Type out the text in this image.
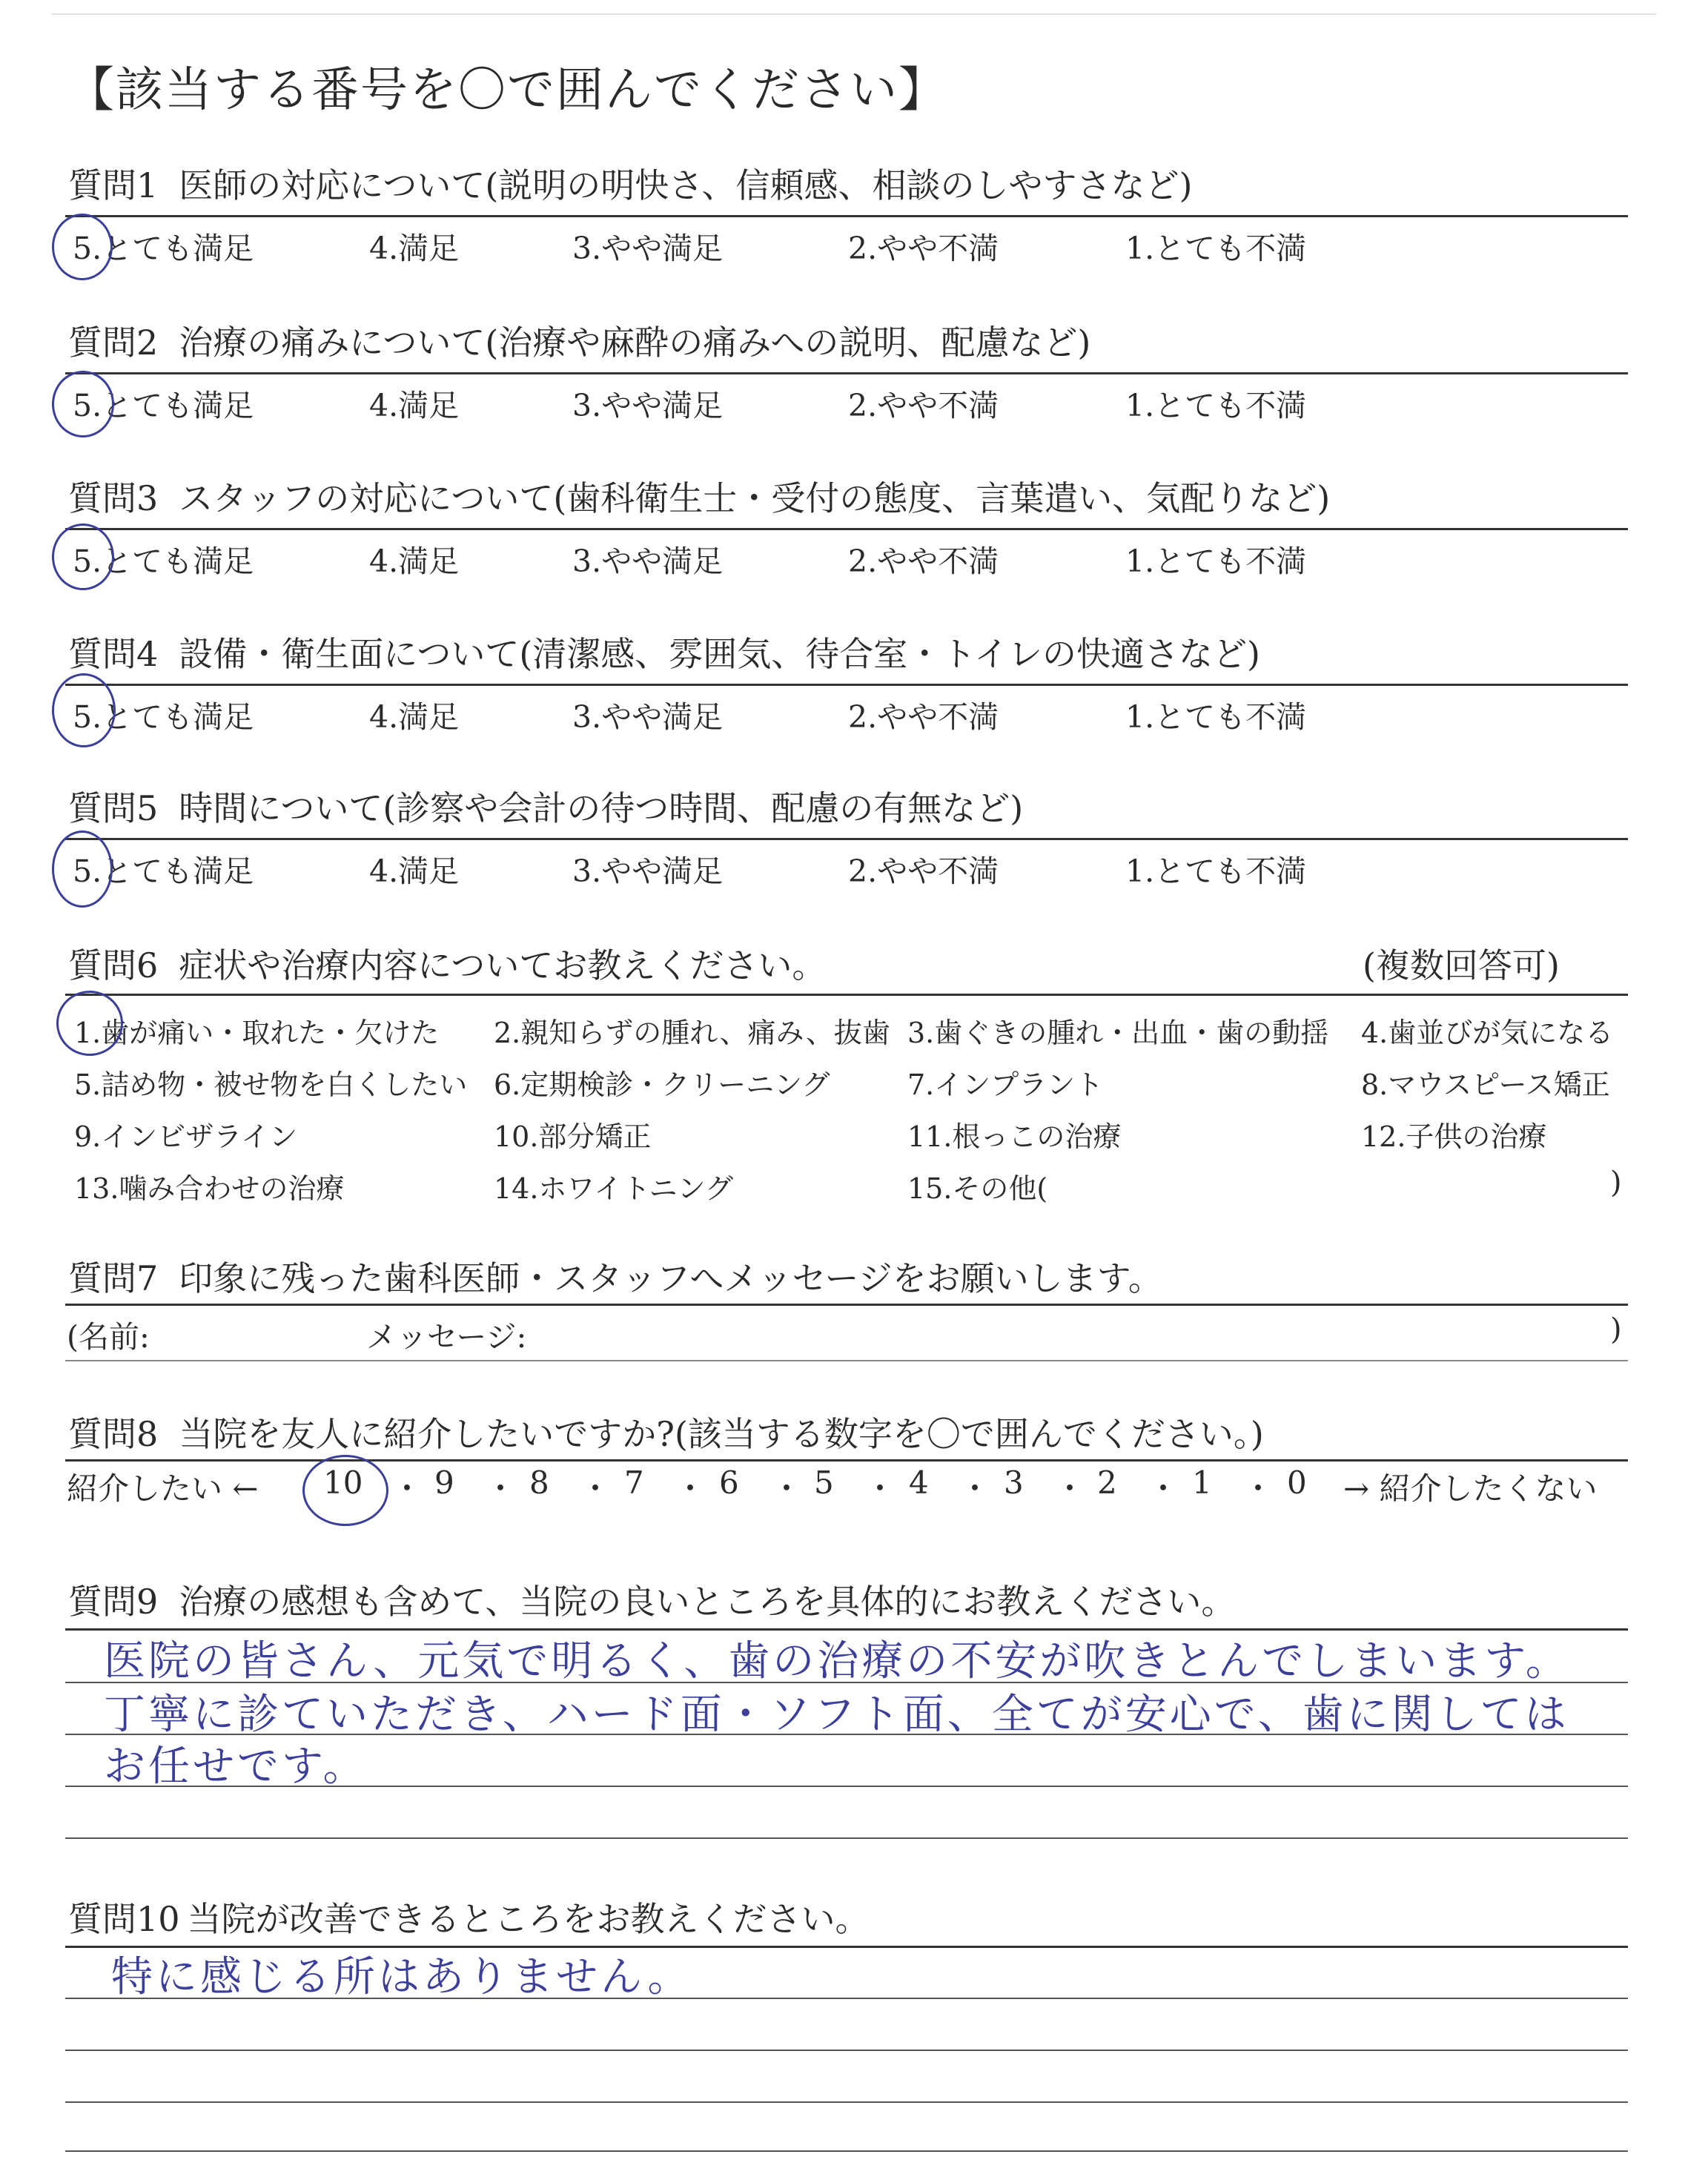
【該当する番号を〇で囲んでください】
質問1 医師の対応について(説明の明快さ、信頼感、相談のしやすさなど)
5.とても満足	4.満足	3.やや満足	2.やや不満	1.とても不満
質問2 治療の痛みについて(治療や麻酔の痛みへの説明、配慮など)
5.とても満足	4.満足	3.やや満足	2.やや不満	1.とても不満
質問3 スタッフの対応について(歯科衛生士・受付の態度、言葉遣い、気配りなど)
5.とても満足	4.満足	3.やや満足	2.やや不満	1.とても不満
質問4 設備・衛生面について(清潔感、雰囲気、待合室・トイレの快適さなど)
5.とても満足	4.満足	3.やや満足	2.やや不満	1.とても不満
質問5 時間について(診察や会計の待つ時間、配慮の有無など)
5.とても満足	4.満足	3.やや満足	2.やや不満	1.とても不満
質問6 症状や治療内容についてお教えください。	(複数回答可)
1.歯が痛い・取れた・欠けた 2.親知らずの腫れ、痛み、抜歯 3.歯ぐきの腫れ・出血・歯の動揺 4.歯並びが気になる
5.詰め物・被せ物を白くしたい 6.定期検診・クリーニング	7.インプラント	8.マウスピース矯正
9.インビザライン	10.部分矯正	11.根っこの治療	12.子供の治療
13.噛み合わせの治療	14.ホワイトニング	15.その他(	)
質問7 印象に残った歯科医師・スタッフへメッセージをお願いします。
(名前:	メッセージ:	)
質問8 当院を友人に紹介したいですか?(該当する数字を〇で囲んでください。)
紹介したい ← 10 ・ 9 ・ 8 ・ 7 ・ 6 ・ 5 ・ 4 ・ 3 ・ 2 ・ 1 ・ 0 → 紹介したくない
質問9 治療の感想も含めて、当院の良いところを具体的にお教えください。
医院の皆さん、元気で明るく、歯の治療の不安が吹きとんでしまいます。
丁寧に診ていただき、ハード面・ソフト面、全てが安心で、歯に関しては
お任せです。
質問10 当院が改善できるところをお教えください。
特に感じる所はありません。
